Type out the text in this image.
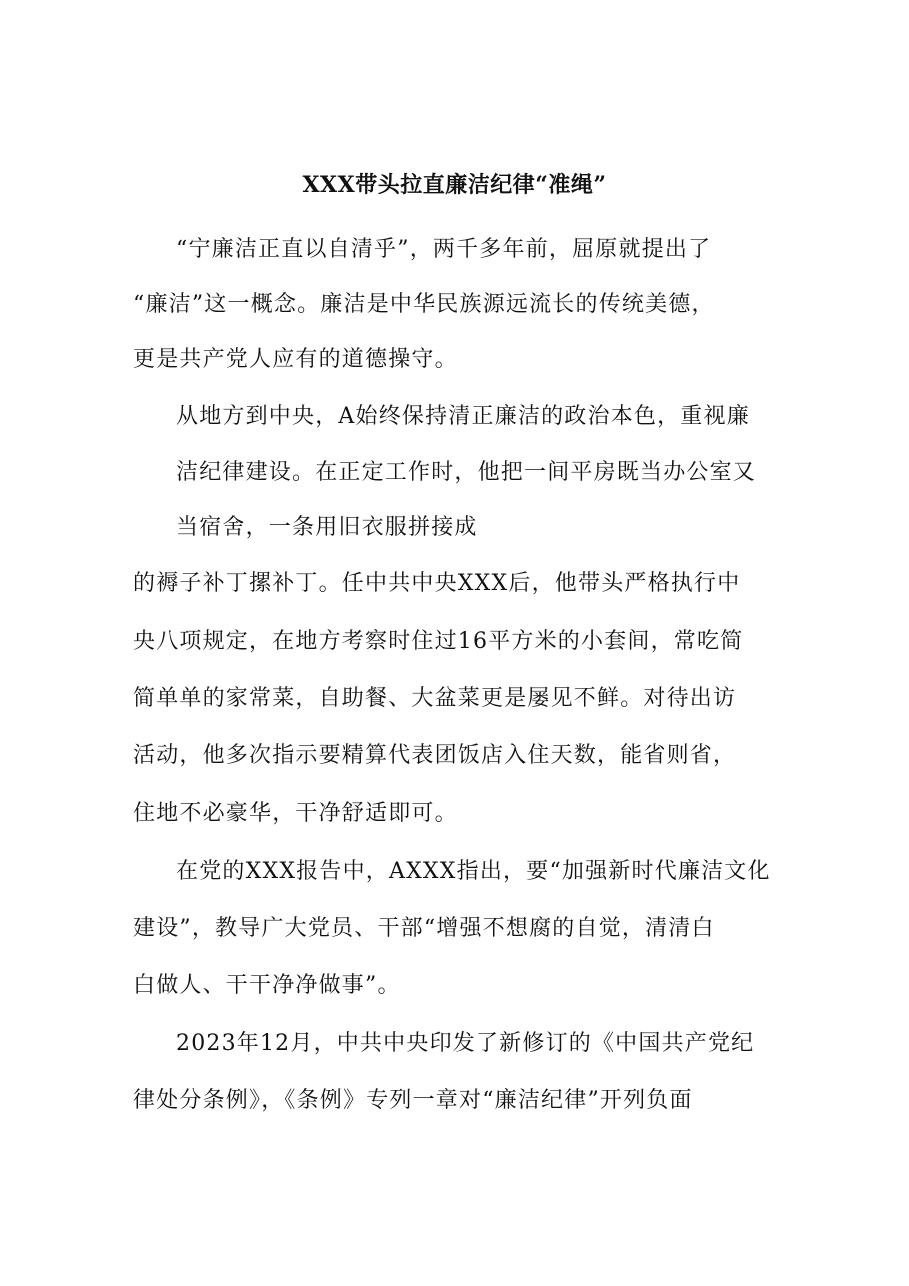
XXX带头拉直廉洁纪律“准绳”
“宁廉洁正直以自清乎”，两千多年前，屈原就提出了
“廉洁”这一概念。廉洁是中华民族源远流长的传统美德，
更是共产党人应有的道德操守。
从地方到中央，A始终保持清正廉洁的政治本色，重视廉
洁纪律建设。在正定工作时，他把一间平房既当办公室又
当宿舍，一条用旧衣服拼接成
的褥子补丁摞补丁。任中共中央XXX后，他带头严格执行中
央八项规定，在地方考察时住过16平方米的小套间，常吃简
简单单的家常菜，自助餐、大盆菜更是屡见不鲜。对待出访
活动，他多次指示要精算代表团饭店入住天数，能省则省，
住地不必豪华，干净舒适即可。
在党的XXX报告中，AXXX指出，要“加强新时代廉洁文化
建设”，教导广大党员、干部“增强不想腐的自觉，清清白
白做人、干干净净做事”。
2023年12月，中共中央印发了新修订的《中国共产党纪
律处分条例》，《条例》专列一章对“廉洁纪律”开列负面
